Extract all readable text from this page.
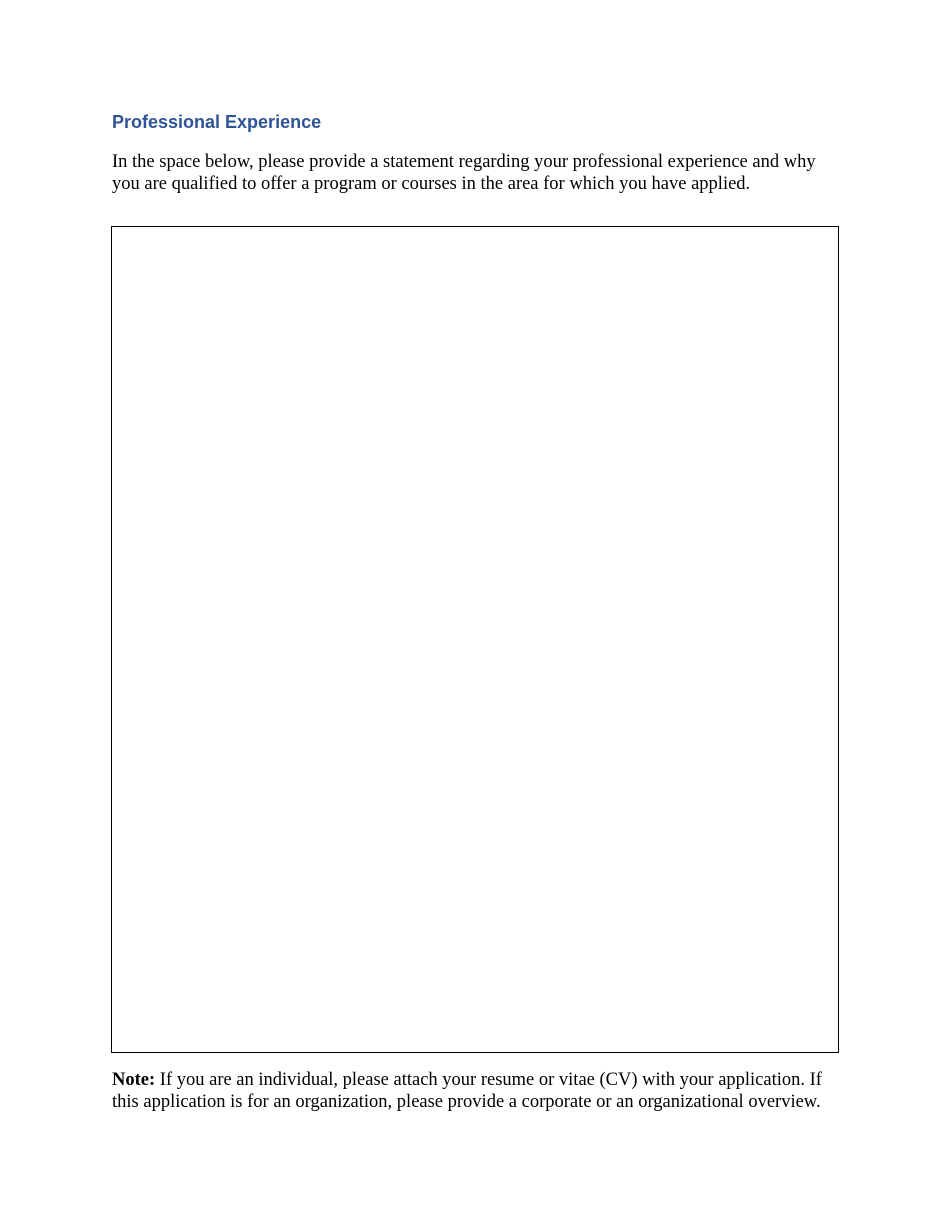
Professional Experience

In the space below, please provide a statement regarding your professional experience and why you are qualified to offer a program or courses in the area for which you have applied.

Note: If you are an individual, please attach your resume or vitae (CV) with your application. If this application is for an organization, please provide a corporate or an organizational overview.
